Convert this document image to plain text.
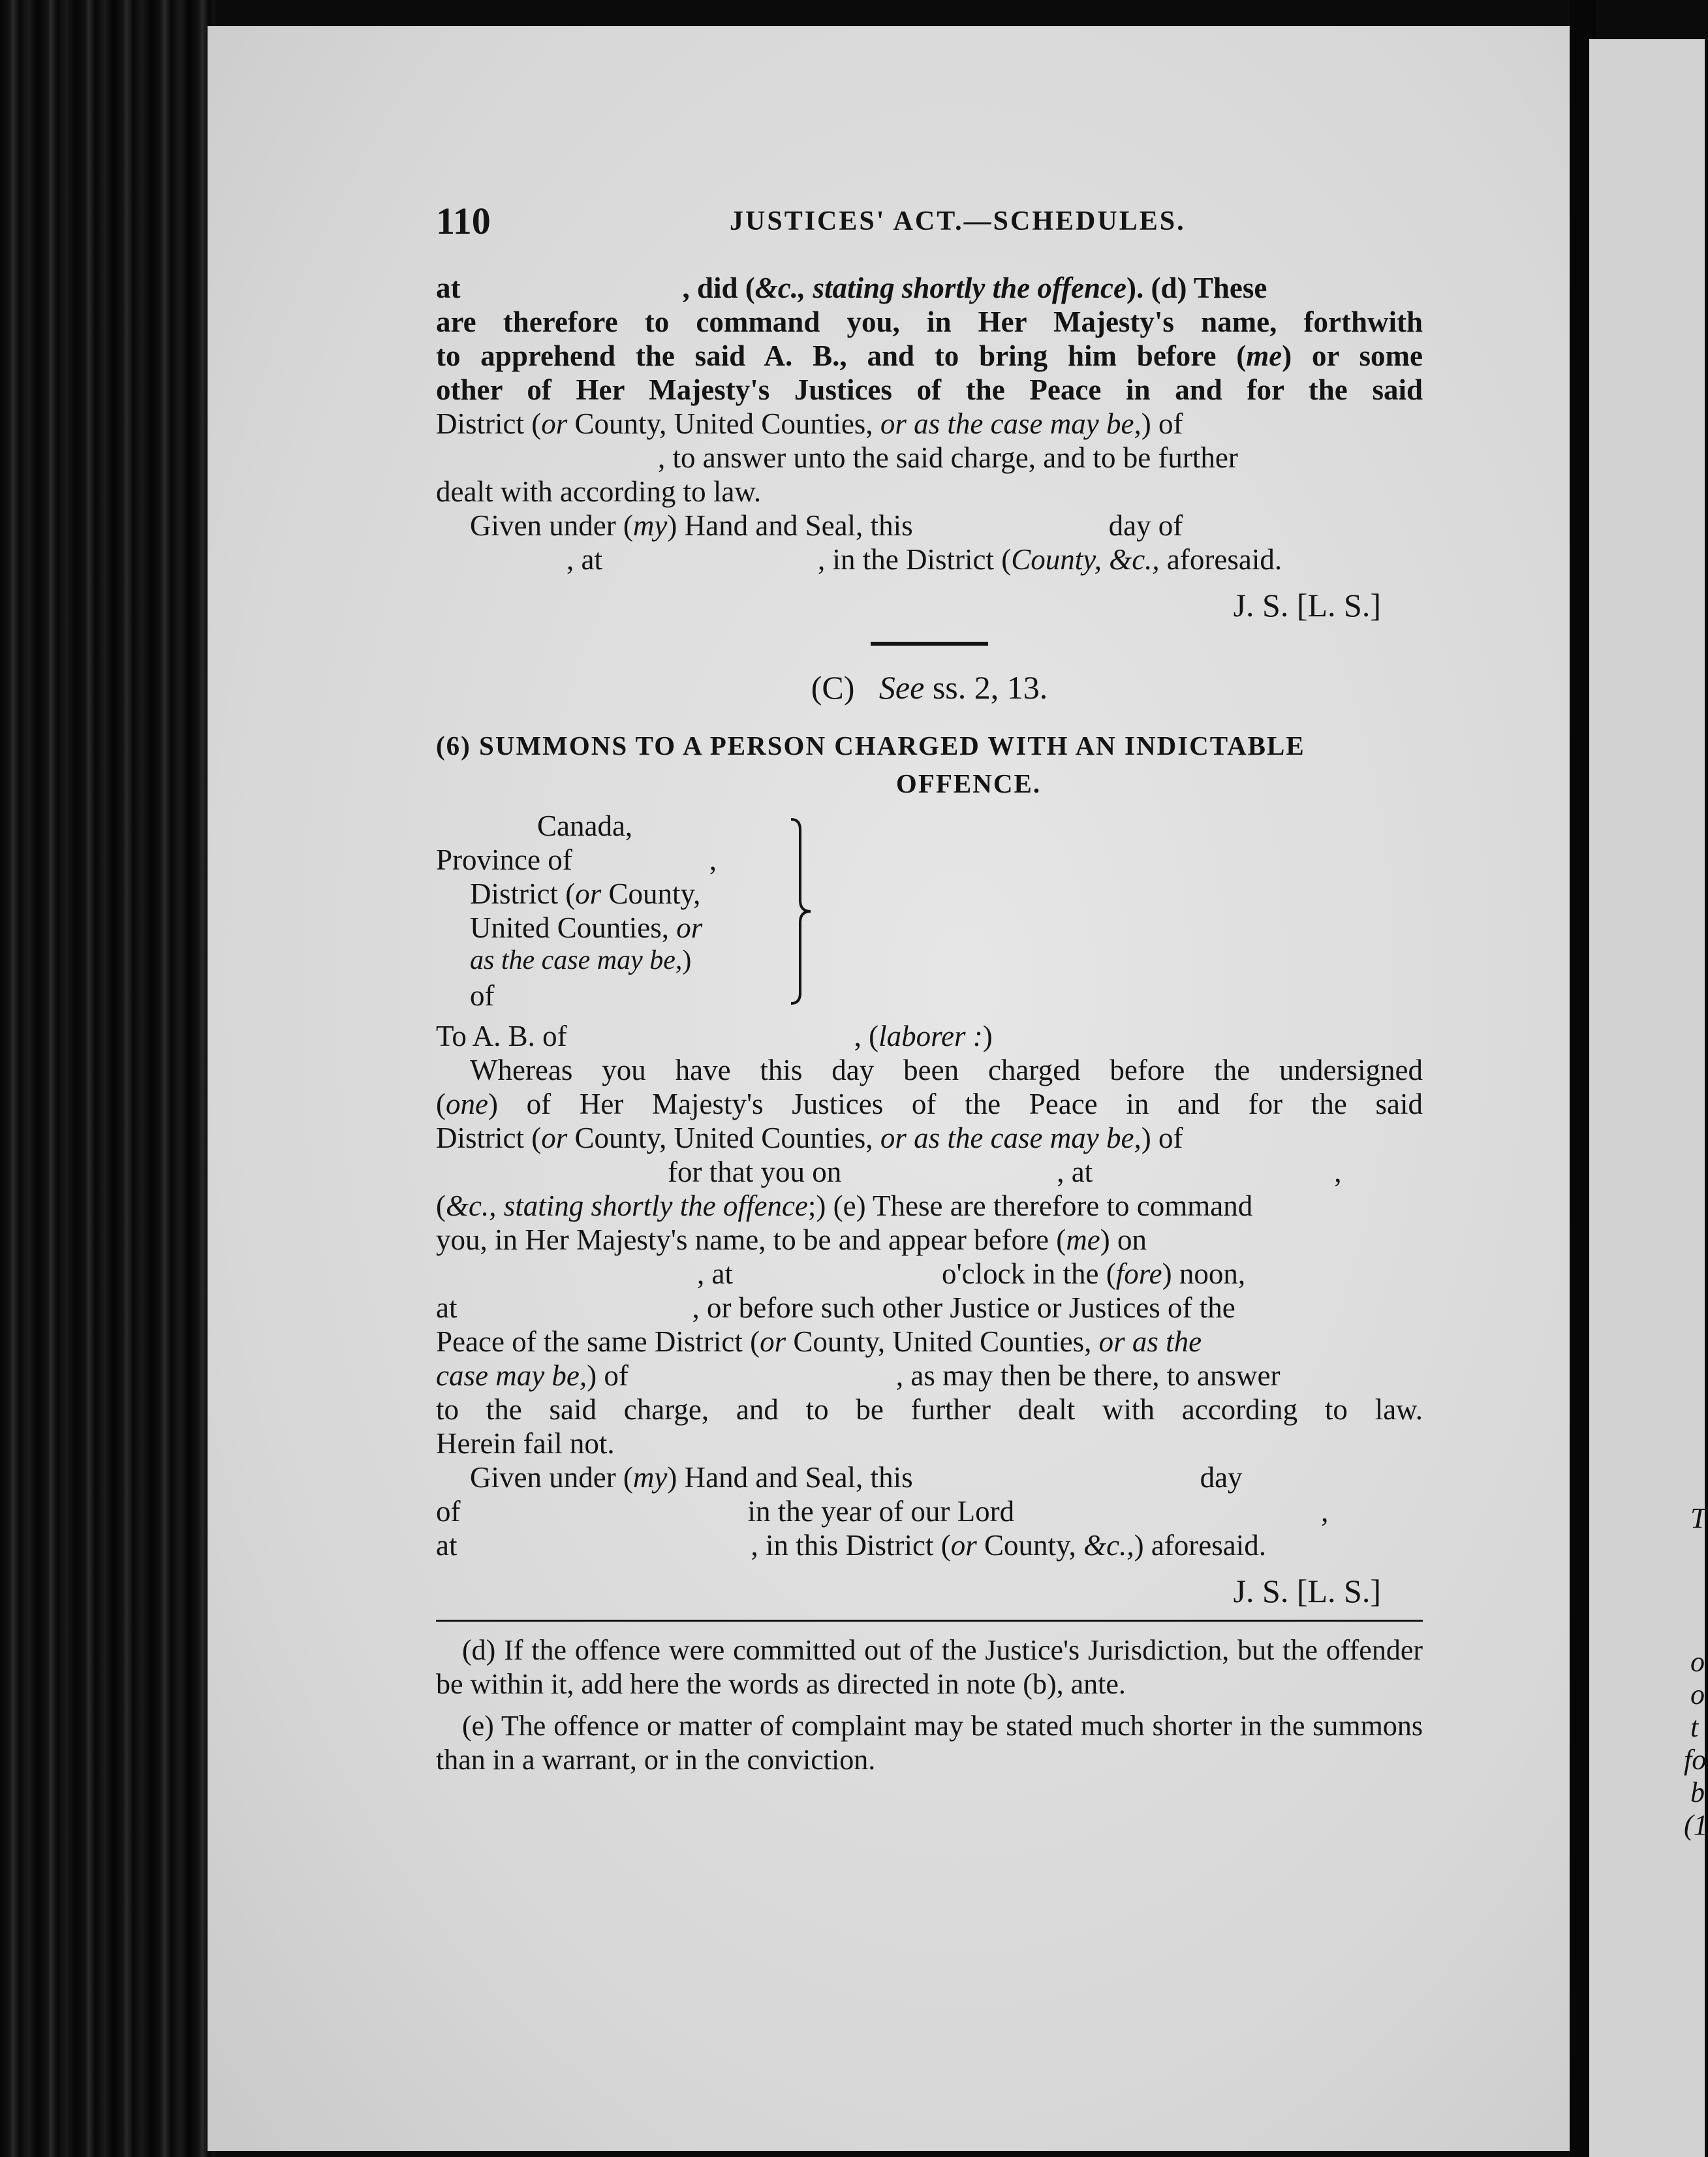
T
o
o
t
fo
b
(1
110	JUSTICES' ACT.—SCHEDULES.
at	, did (&c., stating shortly the offence). (d) These
are therefore to command you, in Her Majesty's name, forthwith
to apprehend the said A. B., and to bring him before (me) or some
other of Her Majesty's Justices of the Peace in and for the said
District (or County, United Counties, or as the case may be,) of
, to answer unto the said charge, and to be further
dealt with according to law.
Given under (my) Hand and Seal, this	day of
, at	, in the District (County, &c., aforesaid.
J. S. [L. S.]
(C) See ss. 2, 13.
(6) SUMMONS TO A PERSON CHARGED WITH AN INDICTABLE
OFFENCE.
Canada,
Province of	,
District (or County,
United Counties, or
as the case may be,)
of
To A. B. of	, (laborer :)
Whereas you have this day been charged before the undersigned
(one) of Her Majesty's Justices of the Peace in and for the said
District (or County, United Counties, or as the case may be,) of
for that you on	, at	,
(&c., stating shortly the offence;) (e) These are therefore to command
you, in Her Majesty's name, to be and appear before (me) on
, at	o'clock in the (fore) noon,
at	, or before such other Justice or Justices of the
Peace of the same District (or County, United Counties, or as the
case may be,) of	, as may then be there, to answer
to the said charge, and to be further dealt with according to law.
Herein fail not.
Given under (my) Hand and Seal, this	day
of	in the year of our Lord	,
at	, in this District (or County, &c.,) aforesaid.
J. S. [L. S.]

(d) If the offence were committed out of the Justice's Jurisdiction, but the offender be within it, add here the words as directed in note (b), ante.

(e) The offence or matter of complaint may be stated much shorter in the summons than in a warrant, or in the conviction.
